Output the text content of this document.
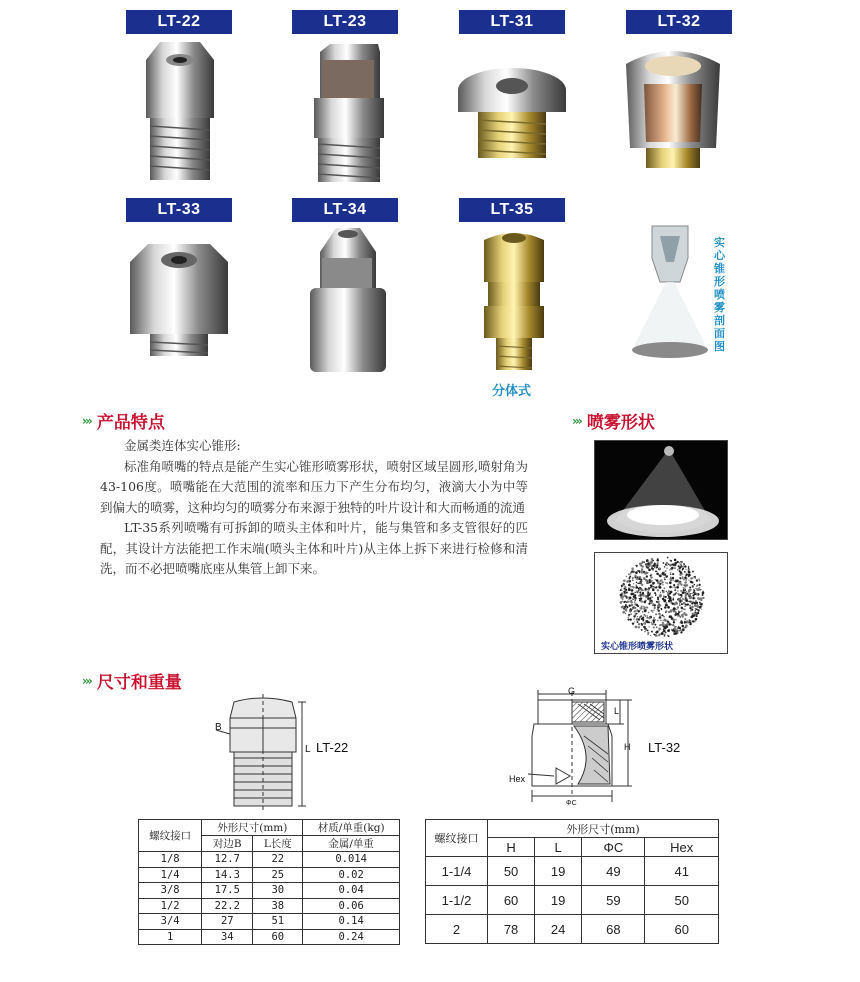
LT-22	LT-23	LT-31	LT-32
LT-33	LT-34	LT-35
分体式
实心锥形喷雾剖面图
››› 产品特点

金属类连体实心锥形:

标准角喷嘴的特点是能产生实心锥形喷雾形状，喷射区域呈圆形,喷射角为43-106度。喷嘴能在大范围的流率和压力下产生分布均匀，液滴大小为中等到偏大的喷雾，这种均匀的喷雾分布来源于独特的叶片设计和大而畅通的流通

LT-35系列喷嘴有可拆卸的喷头主体和叶片，能与集管和多支管很好的匹配，其设计方法能把工作末端(喷头主体和叶片)从主体上拆下来进行检修和清洗，而不必把喷嘴底座从集管上卸下来。

››› 喷雾形状
实心锥形喷雾形状
››› 尺寸和重量
B
L LT-22
G
L
H
Hex
ΦC
LT-32
螺纹接口	外形尺寸(mm)		材质/单重(kg)
	对边B	L长度	金属/单重
1/8	12.7	22	0.014
1/4	14.3	25	0.02
3/8	17.5	30	0.04
1/2	22.2	38	0.06
3/4	27	51	0.14
1	34	60	0.24
螺纹接口	外形尺寸(mm)			
	H	L	ΦC	Hex
1-1/4	50	19	49	41
1-1/2	60	19	59	50
2	78	24	68	60
